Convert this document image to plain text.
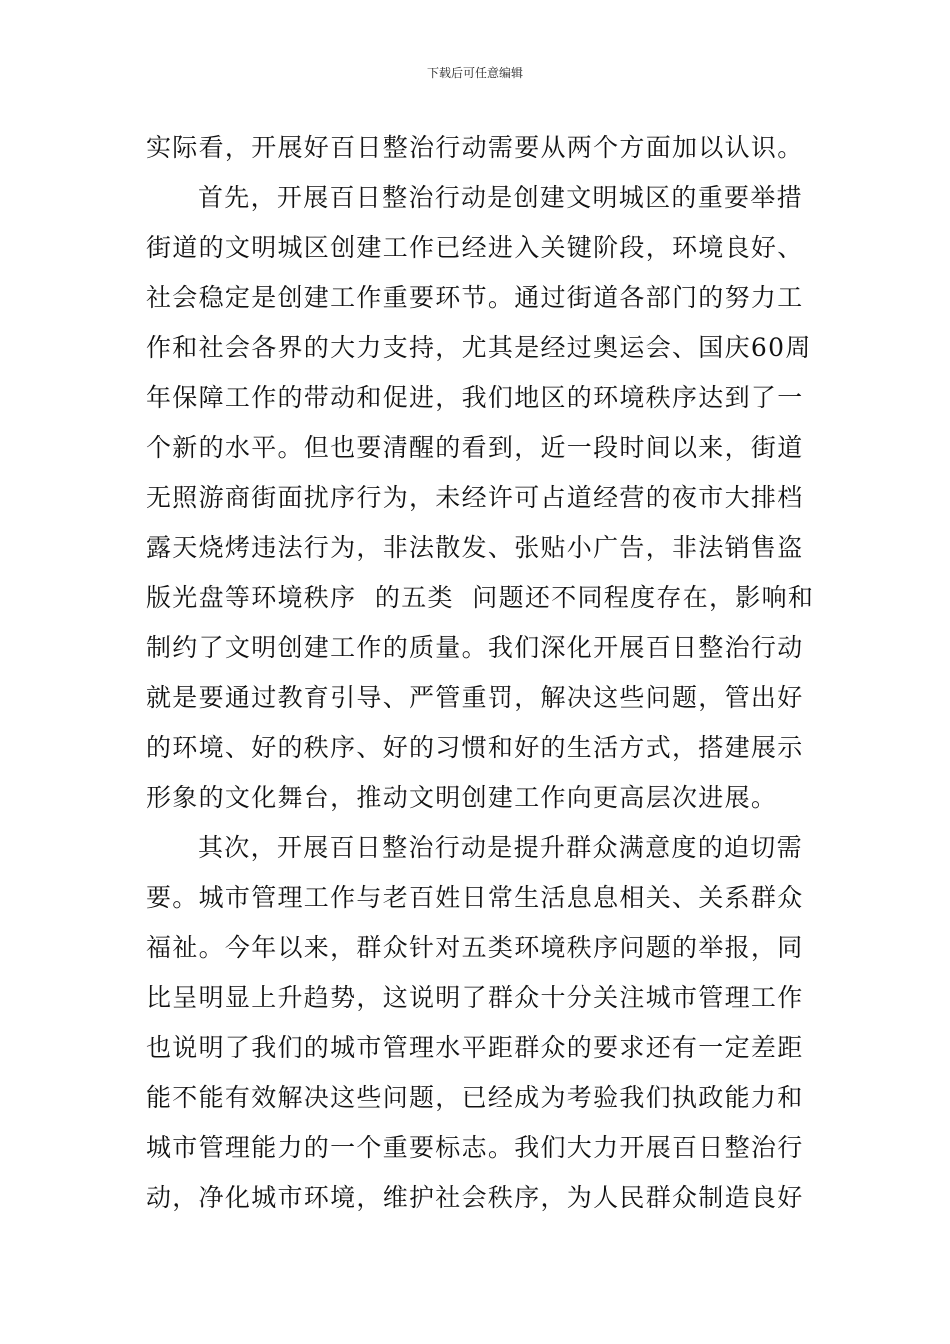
下载后可任意编辑
实际看，开展好百日整治行动需要从两个方面加以认识。
首先，开展百日整治行动是创建文明城区的重要举措
街道的文明城区创建工作已经进入关键阶段，环境良好、
社会稳定是创建工作重要环节。通过街道各部门的努力工
作和社会各界的大力支持，尤其是经过奥运会、国庆60周
年保障工作的带动和促进，我们地区的环境秩序达到了一
个新的水平。但也要清醒的看到，近一段时间以来，街道
无照游商街面扰序行为，未经许可占道经营的夜市大排档
露天烧烤违法行为，非法散发、张贴小广告，非法销售盗
版光盘等环境秩序  的五类  问题还不同程度存在，影响和
制约了文明创建工作的质量。我们深化开展百日整治行动
就是要通过教育引导、严管重罚，解决这些问题，管出好
的环境、好的秩序、好的习惯和好的生活方式，搭建展示
形象的文化舞台，推动文明创建工作向更高层次进展。
其次，开展百日整治行动是提升群众满意度的迫切需
要。城市管理工作与老百姓日常生活息息相关、关系群众
福祉。今年以来，群众针对五类环境秩序问题的举报，同
比呈明显上升趋势，这说明了群众十分关注城市管理工作
也说明了我们的城市管理水平距群众的要求还有一定差距
能不能有效解决这些问题，已经成为考验我们执政能力和
城市管理能力的一个重要标志。我们大力开展百日整治行
动，净化城市环境，维护社会秩序，为人民群众制造良好
